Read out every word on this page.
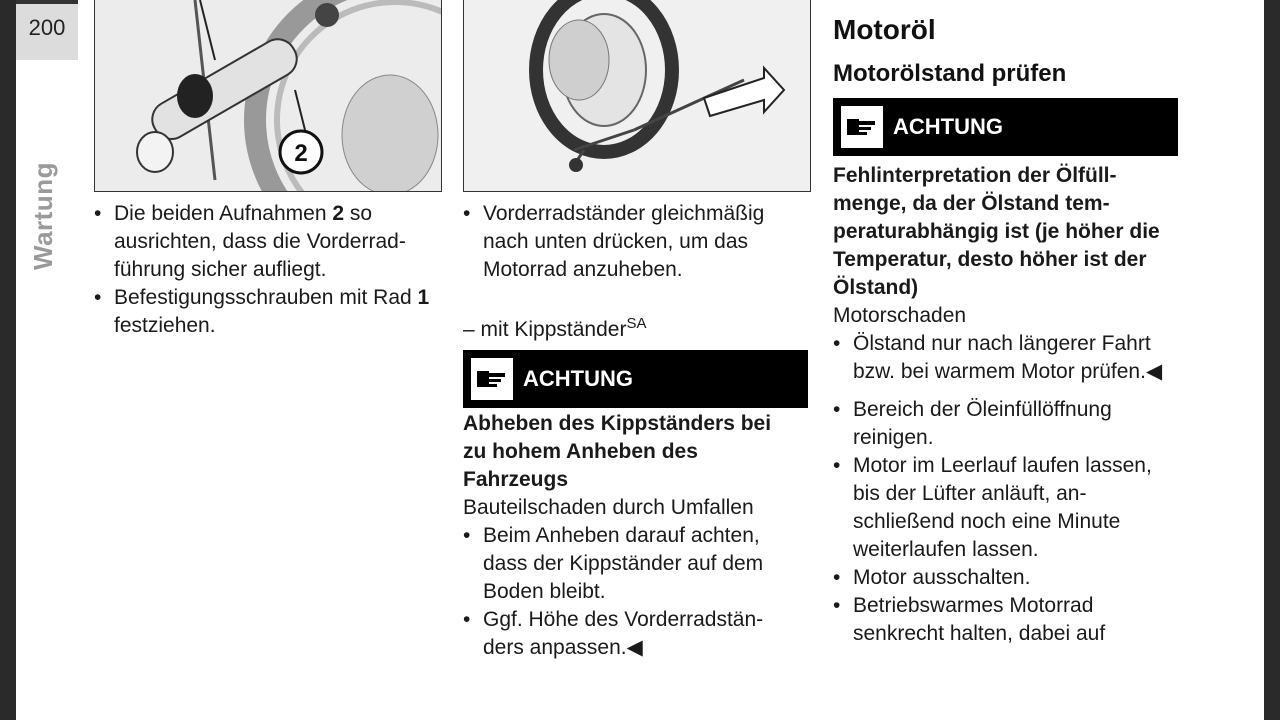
200
Wartung
2
• Die beiden Aufnahmen 2 so ausrichten, dass die Vorderradführung sicher aufliegt.
• Befestigungsschrauben mit Rad 1 festziehen.
• Vorderradständer gleichmäßig nach unten drücken, um das Motorrad anzuheben.
– mit Kippständer$^{SA}$
ACHTUNG
Abheben des Kippständers bei zu hohem Anheben des Fahrzeugs
Bauteilschaden durch Umfallen
• Beim Anheben darauf achten, dass der Kippständer auf dem Boden bleibt.
• Ggf. Höhe des Vorderradständers anpassen.◀
Motoröl
Motorölstand prüfen
ACHTUNG
Fehlinterpretation der Ölfüllmenge, da der Ölstand temperaturabhängig ist (je höher die Temperatur, desto höher ist der Ölstand)
Motorschaden
• Ölstand nur nach längerer Fahrt bzw. bei warmem Motor prüfen.◀
• Bereich der Öleinfüllöffnung reinigen.
• Motor im Leerlauf laufen lassen, bis der Lüfter anläuft, anschließend noch eine Minute weiterlaufen lassen.
• Motor ausschalten.
• Betriebswarmes Motorrad senkrecht halten, dabei auf
